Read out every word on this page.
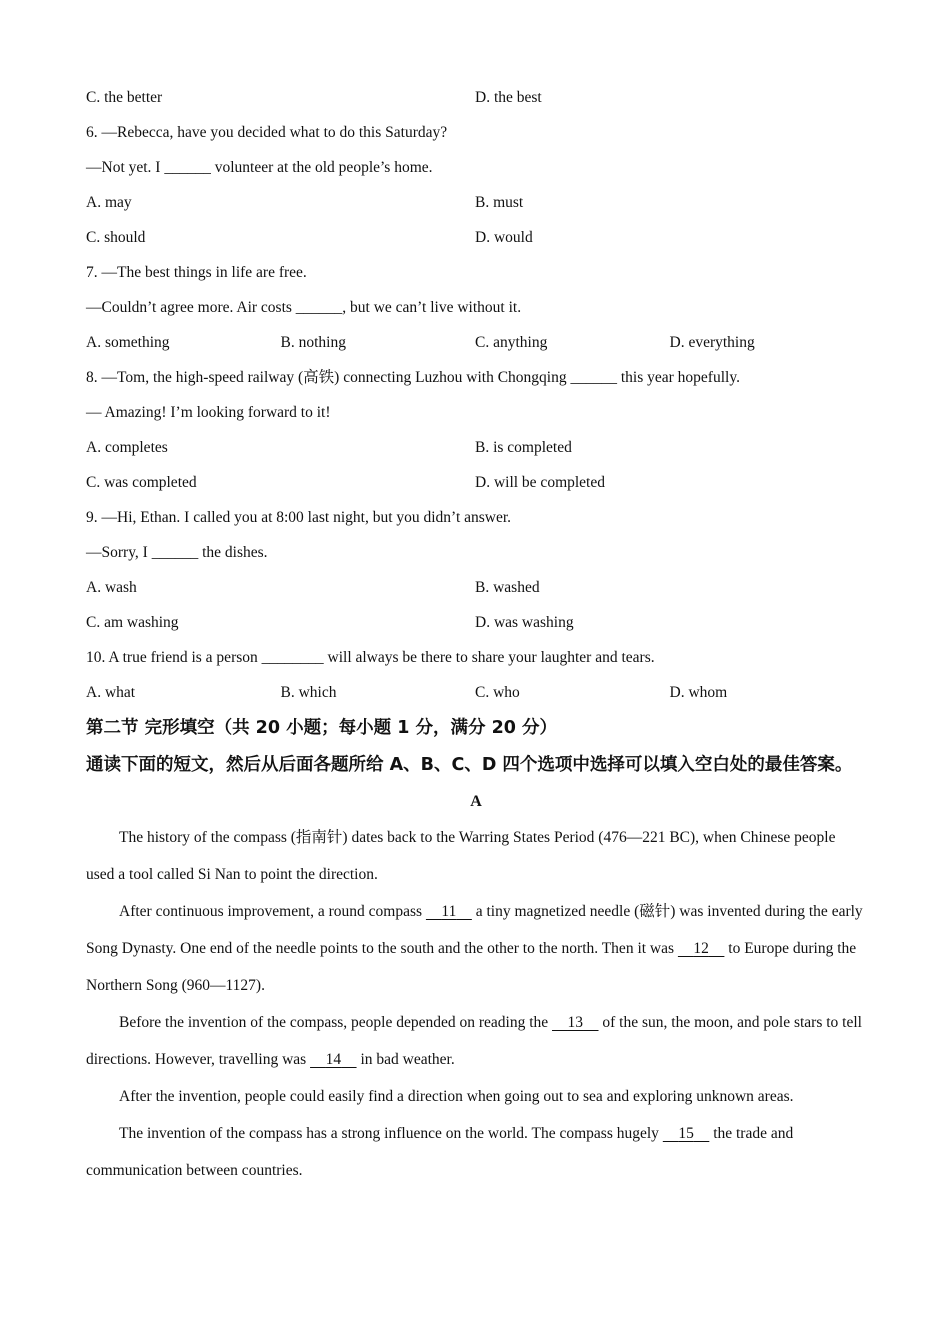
C. the better	D. the best
6. —Rebecca, have you decided what to do this Saturday?
—Not yet. I ______ volunteer at the old people’s home.
A. may	B. must
C. should	D. would
7. —The best things in life are free.
—Couldn’t agree more. Air costs ______, but we can’t live without it.
A. something	B. nothing	C. anything	D. everything
8. —Tom, the high-speed railway (高铁) connecting Luzhou with Chongqing ______ this year hopefully.
— Amazing! I’m looking forward to it!
A. completes	B. is completed
C. was completed	D. will be completed
9. —Hi, Ethan. I called you at 8:00 last night, but you didn’t answer.
—Sorry, I ______ the dishes.
A. wash	B. washed
C. am washing	D. was washing
10. A true friend is a person ________ will always be there to share your laughter and tears.
A. what	B. which	C. who	D. whom
第二节 完形填空（共 20 小题；每小题 1 分，满分 20 分）
通读下面的短文，然后从后面各题所给 A、B、C、D 四个选项中选择可以填入空白处的最佳答案。
A
The history of the compass (指南针) dates back to the Warring States Period (476—221 BC), when Chinese people used a tool called Si Nan to point the direction.
After continuous improvement, a round compass     11     a tiny magnetized needle (磁针) was invented during the early Song Dynasty. One end of the needle points to the south and the other to the north. Then it was     12     to Europe during the Northern Song (960—1127).
Before the invention of the compass, people depended on reading the     13     of the sun, the moon, and pole stars to tell directions. However, travelling was     14     in bad weather.
After the invention, people could easily find a direction when going out to sea and exploring unknown areas.
The invention of the compass has a strong influence on the world. The compass hugely     15     the trade and communication between countries.
